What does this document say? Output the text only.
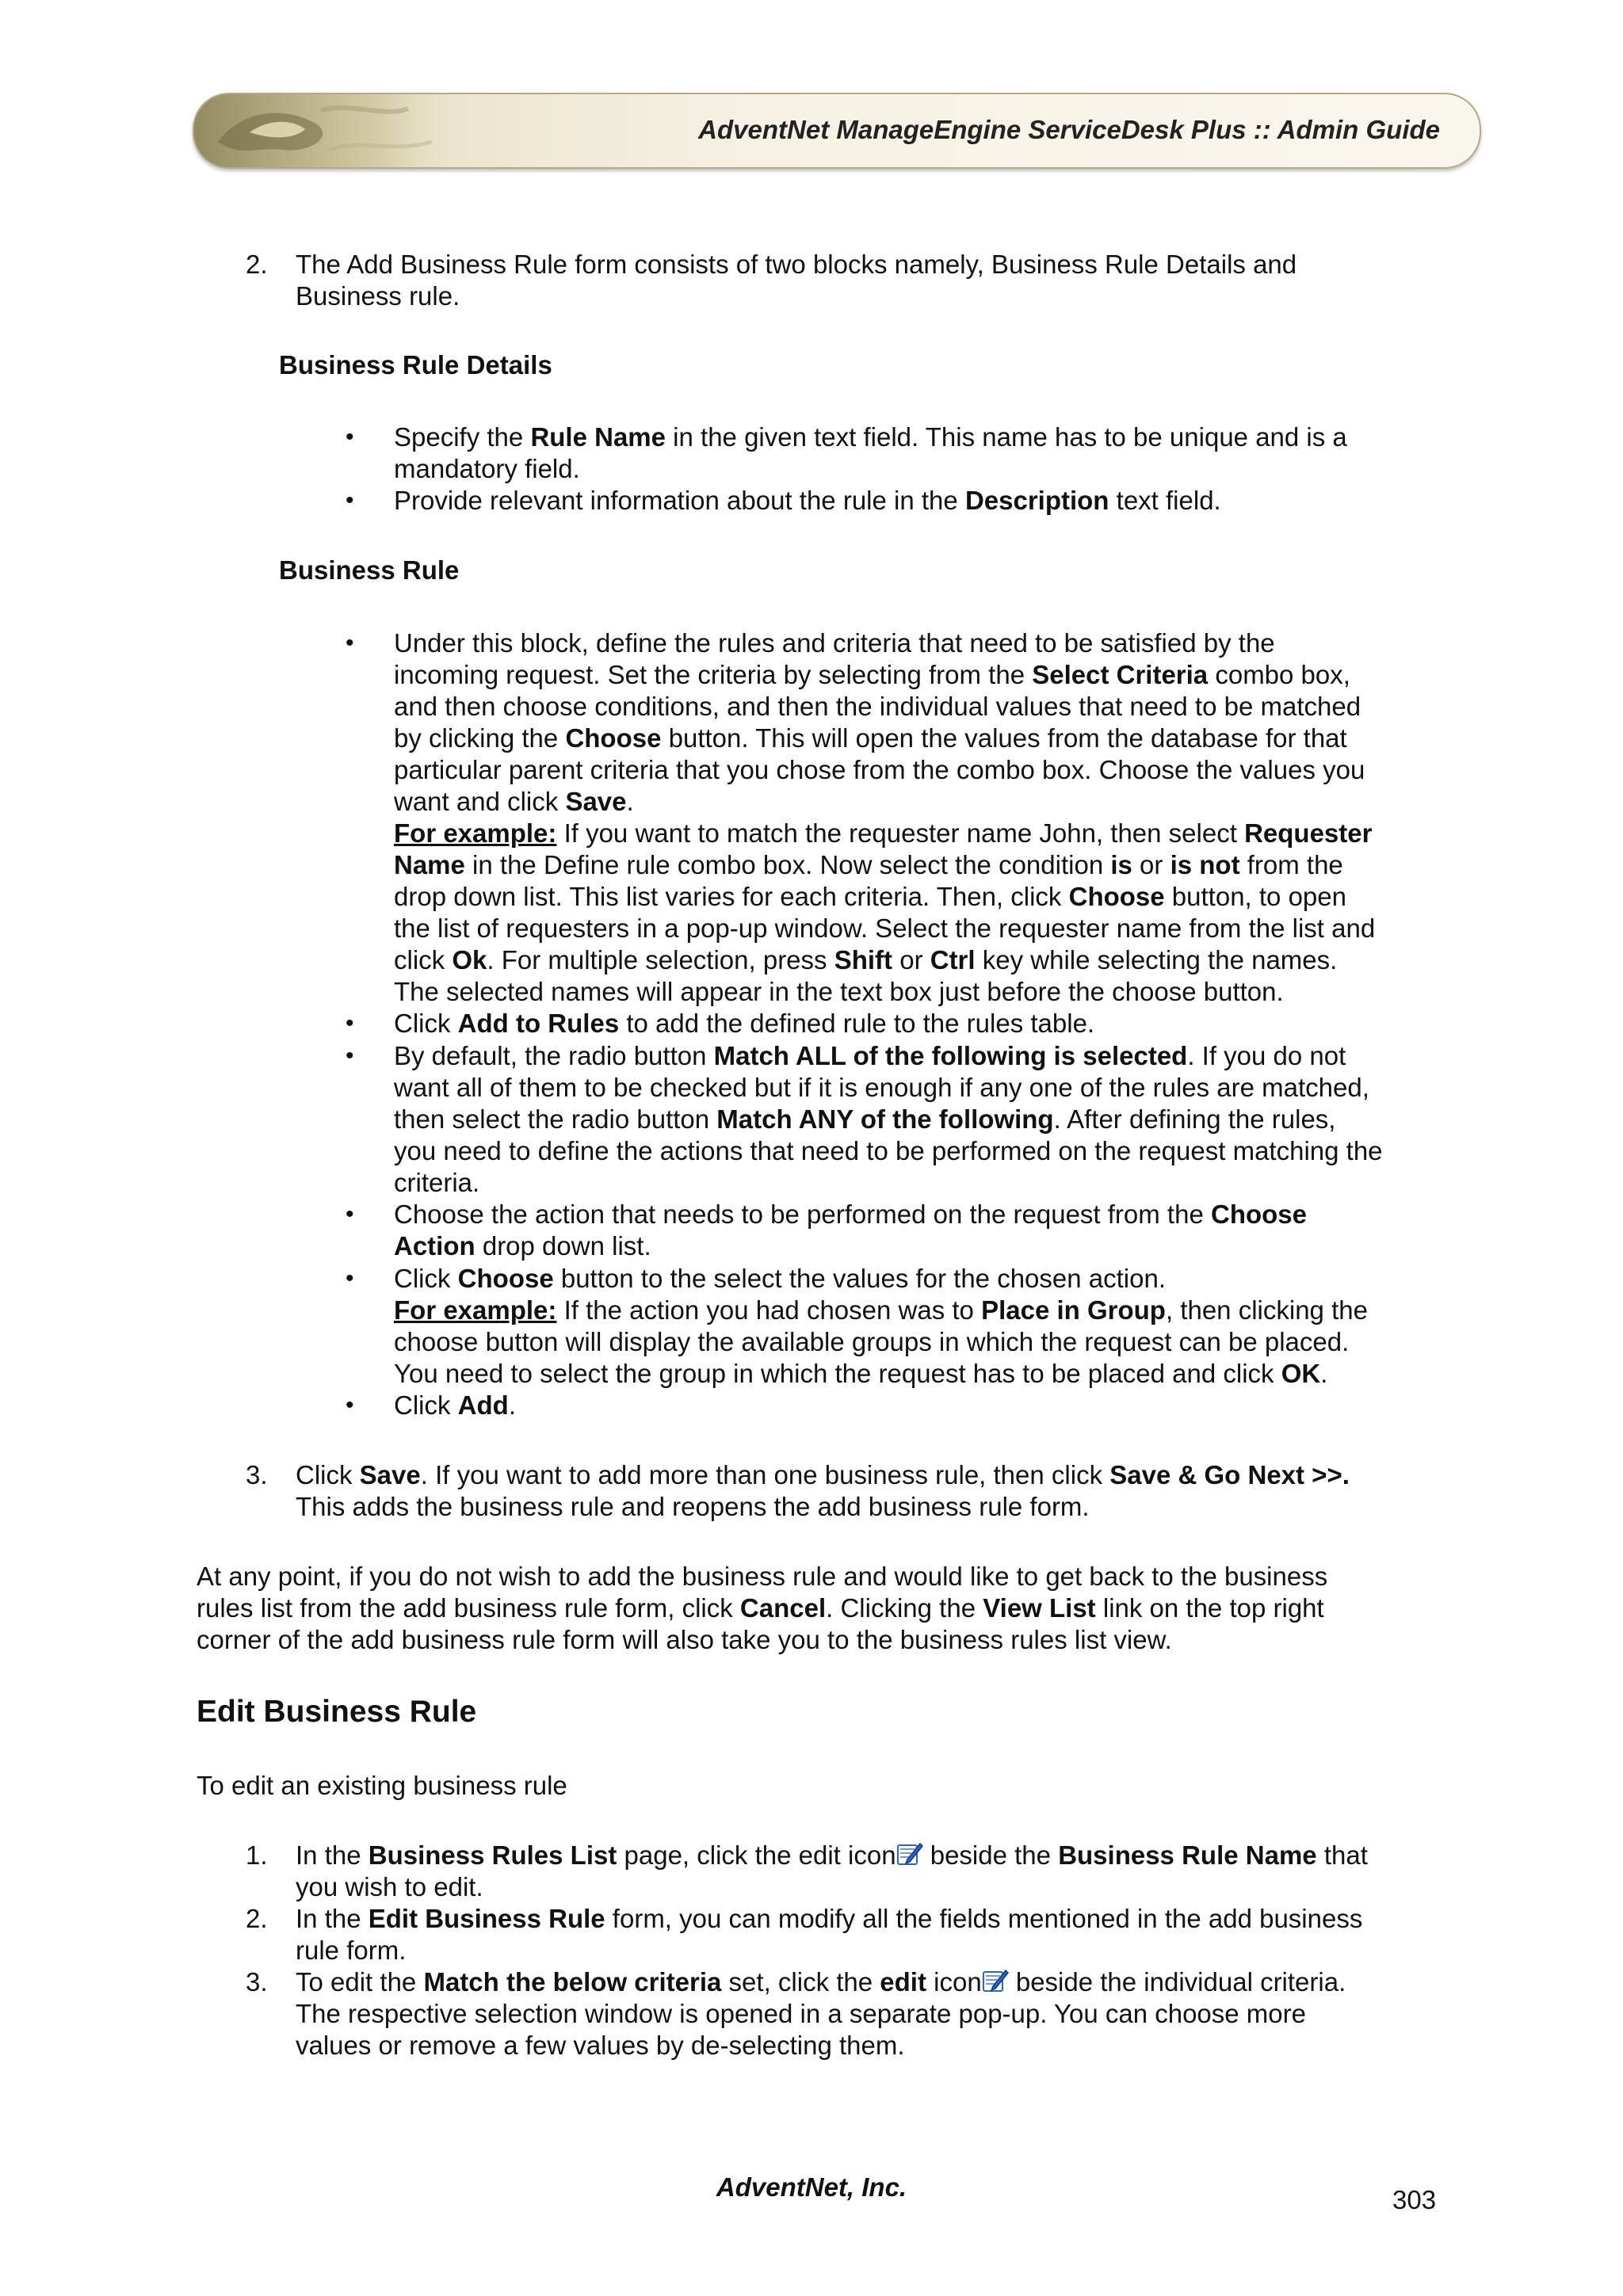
AdventNet ManageEngine ServiceDesk Plus :: Admin Guide
2. The Add Business Rule form consists of two blocks namely, Business Rule Details and

Business rule.

Business Rule Details

• Specify the Rule Name in the given text field. This name has to be unique and is a

mandatory field.

• Provide relevant information about the rule in the Description text field.

Business Rule

• Under this block, define the rules and criteria that need to be satisfied by the

incoming request. Set the criteria by selecting from the Select Criteria combo box,

and then choose conditions, and then the individual values that need to be matched

by clicking the Choose button. This will open the values from the database for that

particular parent criteria that you chose from the combo box. Choose the values you

want and click Save.

For example: If you want to match the requester name John, then select Requester

Name in the Define rule combo box. Now select the condition is or is not from the

drop down list. This list varies for each criteria. Then, click Choose button, to open

the list of requesters in a pop-up window. Select the requester name from the list and

click Ok. For multiple selection, press Shift or Ctrl key while selecting the names.

The selected names will appear in the text box just before the choose button.

• Click Add to Rules to add the defined rule to the rules table.

• By default, the radio button Match ALL of the following is selected. If you do not

want all of them to be checked but if it is enough if any one of the rules are matched,

then select the radio button Match ANY of the following. After defining the rules,

you need to define the actions that need to be performed on the request matching the

criteria.

• Choose the action that needs to be performed on the request from the Choose

Action drop down list.

• Click Choose button to the select the values for the chosen action.

For example: If the action you had chosen was to Place in Group, then clicking the

choose button will display the available groups in which the request can be placed.

You need to select the group in which the request has to be placed and click OK.

• Click Add.

3. Click Save. If you want to add more than one business rule, then click Save & Go Next >>.

This adds the business rule and reopens the add business rule form.

At any point, if you do not wish to add the business rule and would like to get back to the business

rules list from the add business rule form, click Cancel. Clicking the View List link on the top right

corner of the add business rule form will also take you to the business rules list view.

Edit Business Rule

To edit an existing business rule

1. In the Business Rules List page, click the edit icon beside the Business Rule Name that

you wish to edit.

2. In the Edit Business Rule form, you can modify all the fields mentioned in the add business

rule form.

3. To edit the Match the below criteria set, click the edit icon beside the individual criteria.

The respective selection window is opened in a separate pop-up. You can choose more

values or remove a few values by de-selecting them.

AdventNet, Inc.	303
